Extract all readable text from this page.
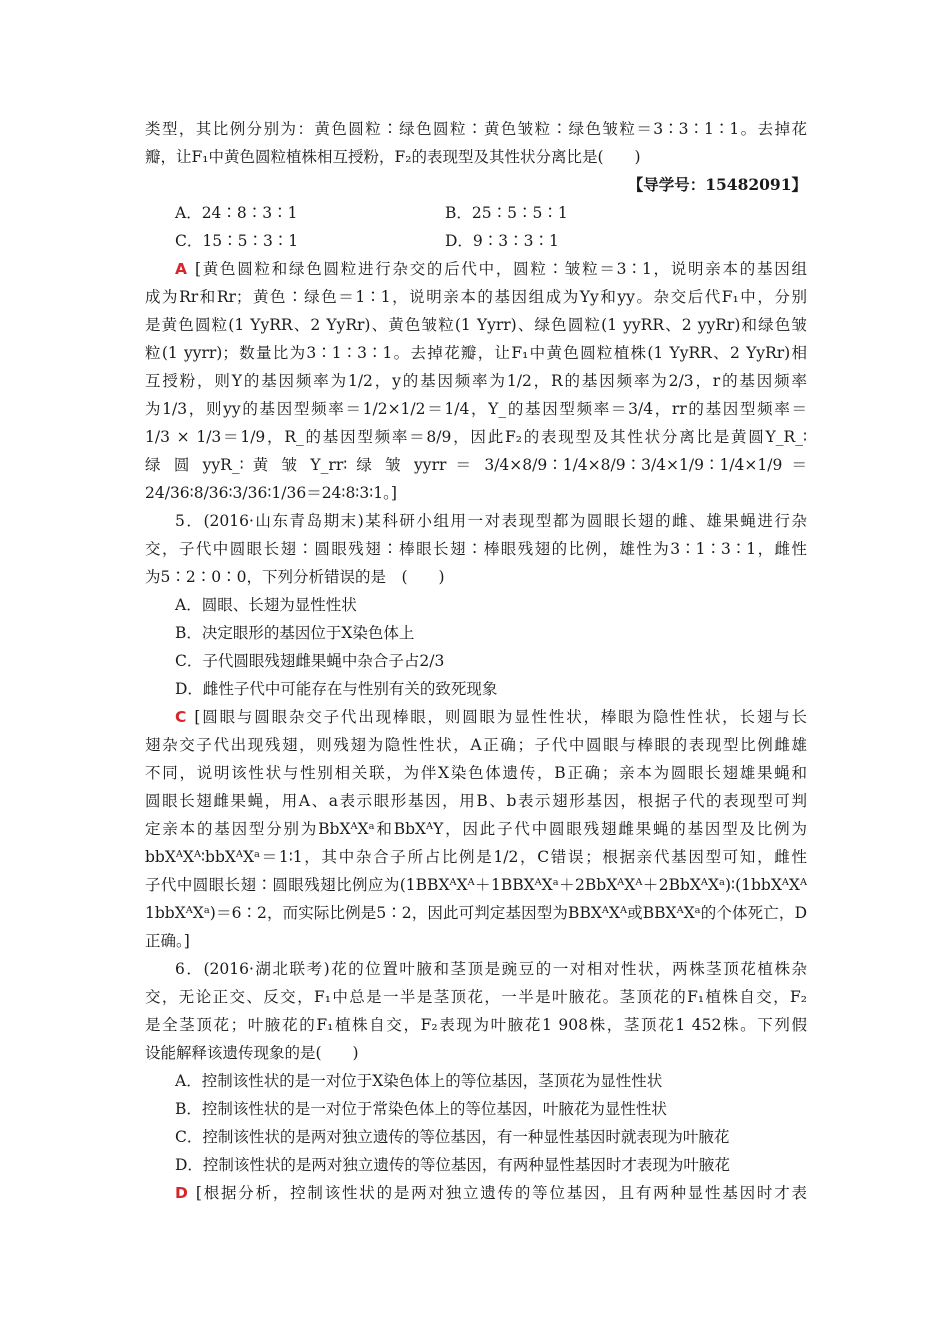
类型，其比例分别为：黄色圆粒∶绿色圆粒∶黄色皱粒∶绿色皱粒＝3∶3∶1∶1。去掉花
瓣，让F₁中黄色圆粒植株相互授粉，F₂的表现型及其性状分离比是(　　)
【导学号：15482091】
A．24∶8∶3∶1	B．25∶5∶5∶1
C．15∶5∶3∶1	D．9∶3∶3∶1
A [黄色圆粒和绿色圆粒进行杂交的后代中，圆粒∶皱粒＝3∶1，说明亲本的基因组
成为Rr和Rr；黄色∶绿色＝1∶1，说明亲本的基因组成为Yy和yy。杂交后代F₁中，分别
是黄色圆粒(1 YyRR、2 YyRr)、黄色皱粒(1 Yyrr)、绿色圆粒(1 yyRR、2 yyRr)和绿色皱
粒(1 yyrr)；数量比为3∶1∶3∶1。去掉花瓣，让F₁中黄色圆粒植株(1 YyRR、2 YyRr)相
互授粉，则Y的基因频率为1/2，y的基因频率为1/2，R的基因频率为2/3，r的基因频率
为1/3，则yy的基因型频率＝1/2×1/2＝1/4，Y_的基因型频率＝3/4，rr的基因型频率＝
1/3 × 1/3＝1/9，R_的基因型频率＝8/9，因此F₂的表现型及其性状分离比是黄圆Y_R_∶
绿 圆 yyR_∶ 黄 皱 Y_rr∶ 绿 皱 yyrr ＝ 3/4×8/9∶1/4×8/9∶3/4×1/9∶1/4×1/9 ＝
24/36∶8/36∶3/36∶1/36＝24∶8∶3∶1。]
5．(2016·山东青岛期末)某科研小组用一对表现型都为圆眼长翅的雌、雄果蝇进行杂
交，子代中圆眼长翅∶圆眼残翅∶棒眼长翅∶棒眼残翅的比例，雄性为3∶1∶3∶1，雌性
为5∶2∶0∶0，下列分析错误的是　(　　)
A．圆眼、长翅为显性性状
B．决定眼形的基因位于X染色体上
C．子代圆眼残翅雌果蝇中杂合子占2/3
D．雌性子代中可能存在与性别有关的致死现象
C [圆眼与圆眼杂交子代出现棒眼，则圆眼为显性性状，棒眼为隐性性状，长翅与长
翅杂交子代出现残翅，则残翅为隐性性状，A正确；子代中圆眼与棒眼的表现型比例雌雄
不同，说明该性状与性别相关联，为伴X染色体遗传，B正确；亲本为圆眼长翅雄果蝇和
圆眼长翅雌果蝇，用A、a表示眼形基因，用B、b表示翅形基因，根据子代的表现型可判
定亲本的基因型分别为BbXᴬXᵃ和BbXᴬY，因此子代中圆眼残翅雌果蝇的基因型及比例为
bbXᴬXᴬ∶bbXᴬXᵃ＝1∶1，其中杂合子所占比例是1/2，C错误；根据亲代基因型可知，雌性
子代中圆眼长翅∶圆眼残翅比例应为(1BBXᴬXᴬ＋1BBXᴬXᵃ＋2BbXᴬXᴬ＋2BbXᴬXᵃ)∶(1bbXᴬXᴬ
1bbXᴬXᵃ)＝6∶2，而实际比例是5∶2，因此可判定基因型为BBXᴬXᴬ或BBXᴬXᵃ的个体死亡，D
正确。]
6．(2016·湖北联考)花的位置叶腋和茎顶是豌豆的一对相对性状，两株茎顶花植株杂
交，无论正交、反交，F₁中总是一半是茎顶花，一半是叶腋花。茎顶花的F₁植株自交，F₂
是全茎顶花；叶腋花的F₁植株自交，F₂表现为叶腋花1 908株，茎顶花1 452株。下列假
设能解释该遗传现象的是(　　)
A．控制该性状的是一对位于X染色体上的等位基因，茎顶花为显性性状
B．控制该性状的是一对位于常染色体上的等位基因，叶腋花为显性性状
C．控制该性状的是两对独立遗传的等位基因，有一种显性基因时就表现为叶腋花
D．控制该性状的是两对独立遗传的等位基因，有两种显性基因时才表现为叶腋花
D [根据分析，控制该性状的是两对独立遗传的等位基因，且有两种显性基因时才表
